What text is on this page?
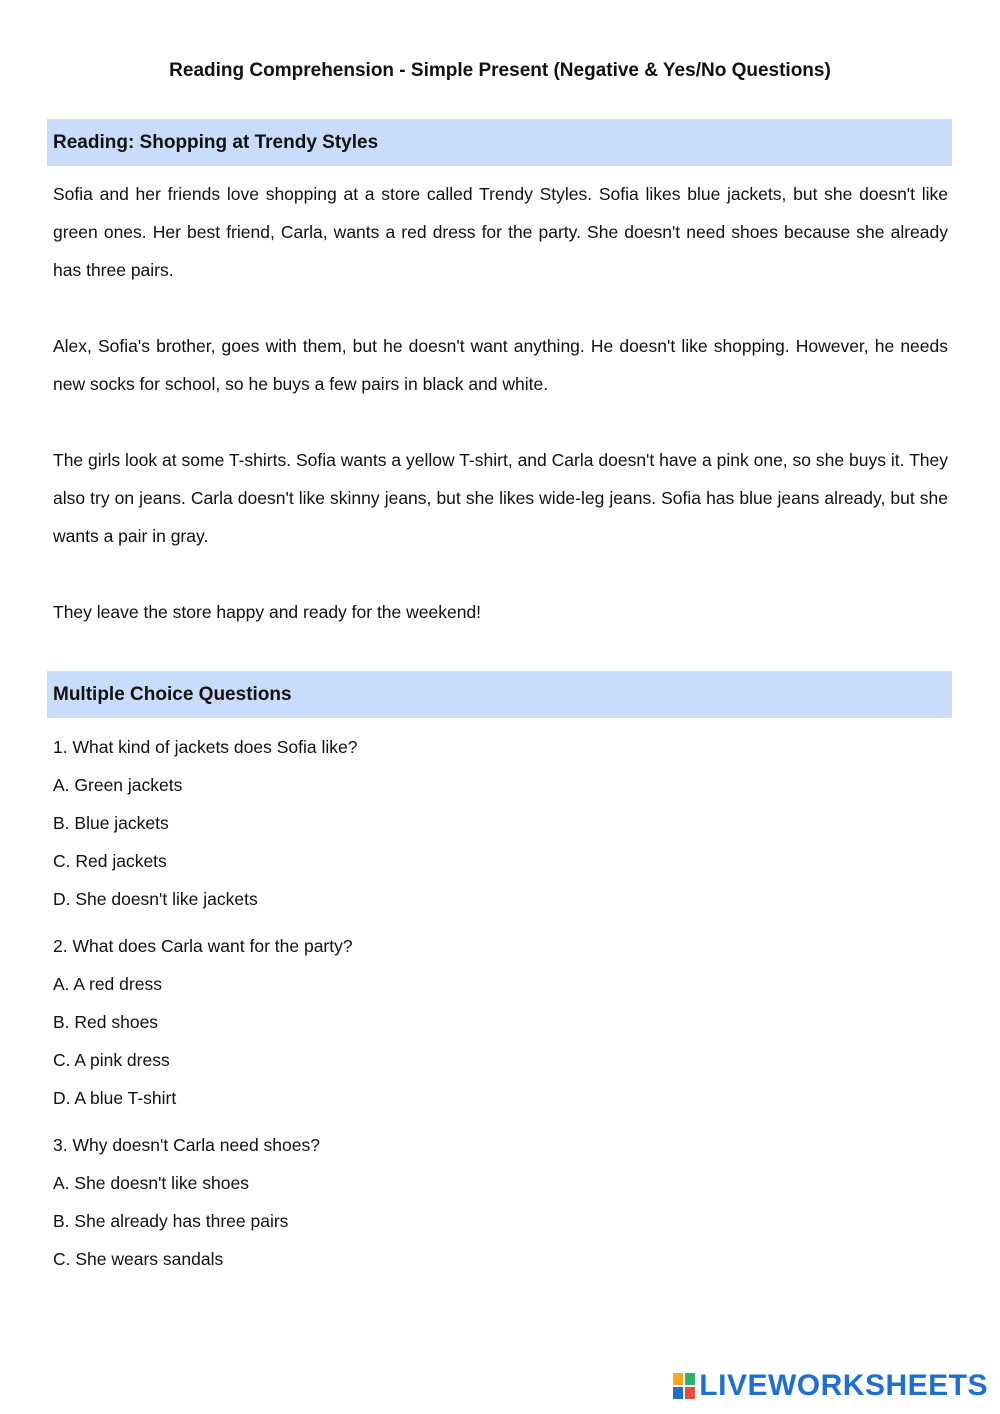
Reading Comprehension - Simple Present (Negative & Yes/No Questions)
Reading: Shopping at Trendy Styles

Sofia and her friends love shopping at a store called Trendy Styles. Sofia likes blue jackets, but she doesn't like green ones. Her best friend, Carla, wants a red dress for the party. She doesn't need shoes because she already has three pairs.

Alex, Sofia's brother, goes with them, but he doesn't want anything. He doesn't like shopping. However, he needs new socks for school, so he buys a few pairs in black and white.

The girls look at some T-shirts. Sofia wants a yellow T-shirt, and Carla doesn't have a pink one, so she buys it. They also try on jeans. Carla doesn't like skinny jeans, but she likes wide-leg jeans. Sofia has blue jeans already, but she wants a pair in gray.

They leave the store happy and ready for the weekend!

Multiple Choice Questions
1. What kind of jackets does Sofia like?
A. Green jackets
B. Blue jackets
C. Red jackets
D. She doesn't like jackets
2. What does Carla want for the party?
A. A red dress
B. Red shoes
C. A pink dress
D. A blue T-shirt
3. Why doesn't Carla need shoes?
A. She doesn't like shoes
B. She already has three pairs
C. She wears sandals
LIVEWORKSHEETS
